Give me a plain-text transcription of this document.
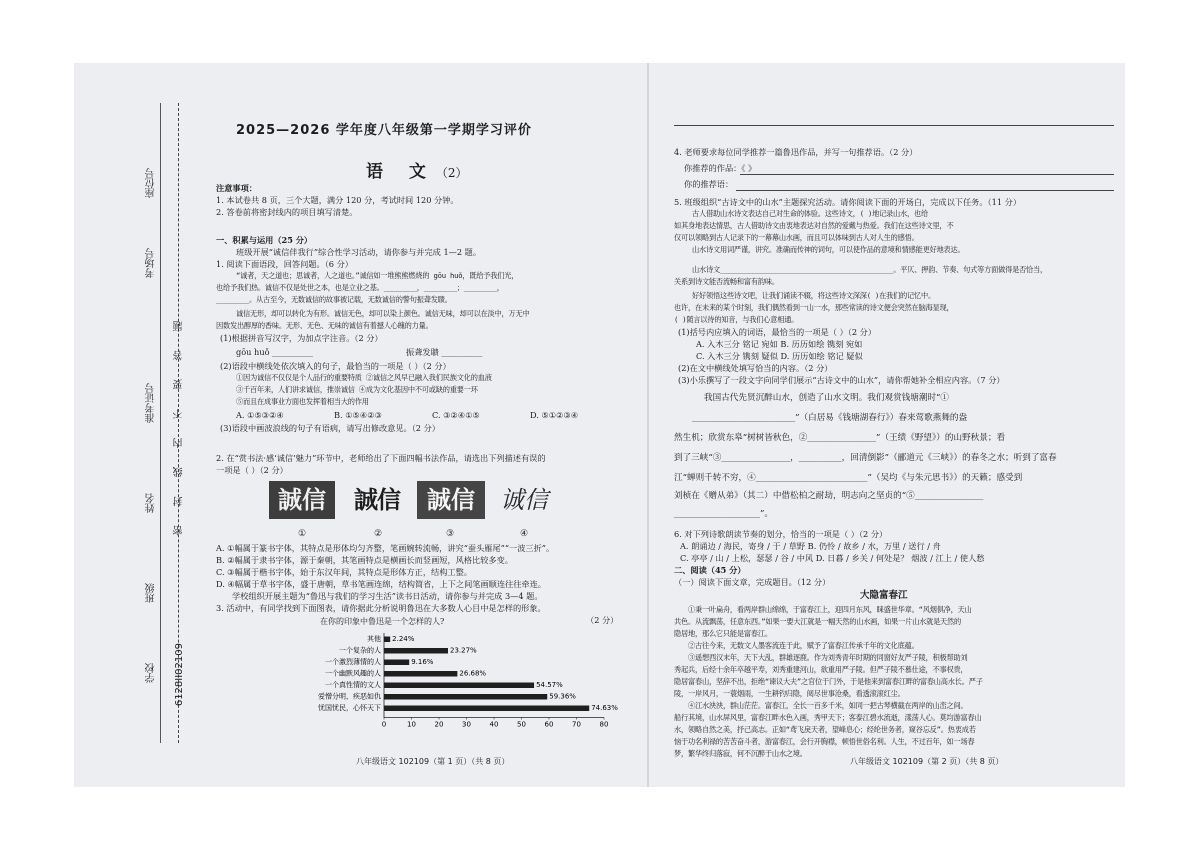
座位号
考场号
准考证号
姓名
班级
学校
密 封 线 内 不 要 答 题
6128II02109
2025—2026 学年度八年级第一学期学习评价
语 文（2）
注意事项：
1. 本试卷共 8 页，三个大题，满分 120 分，考试时间 120 分钟。
2. 答卷前将密封线内的项目填写清楚。
一、积累与运用（25 分）
班级开展“诚信伴我行”综合性学习活动，请你参与并完成 1—2 题。
1. 阅读下面语段，回答问题。（6 分）
“诚者，天之道也；思诚者，人之道也。”诚信如一堆熊熊燃烧的 gōu huǒ，既给予我们光，
也给予我们热。诚信不仅是处世之本，也是立业之基。________，________；________，
________。从古至今，无数诚信的故事被记载，无数诚信的警句振聋发聩。
诚信无形，却可以转化为有形。诚信无色，却可以染上颜色。诚信无味，却可以在淡中，万无中
因数发出醇厚的香味。无形、无色、无味的诚信有着撼人心魄的力量。
(1)根据拼音写汉字，为加点字注音。（2 分）
gōu huǒ __________	振聋发聩 __________
(2)语段中横线处依次填入的句子，最恰当的一项是（ ）（2 分）
①因为诚信不仅仅是个人品行的重要特质 ②诚信之风早已融入我们民族文化的血液
③千百年来，人们讲求诚信，推崇诚信 ④成为文化基因中不可或缺的重要一环
⑤而且在成事业方面也发挥着相当大的作用
A. ①⑤③②④	B. ①⑤④②③	C. ③②④①⑤	D. ⑤①②③④
(3)语段中画波浪线的句子有语病，请写出修改意见。（2 分）
2. 在“赏书法·感‘诚信’魅力”环节中，老师给出了下面四幅书法作品，请选出下列描述有误的
一项是（ ）（2 分）
誠信	誠信	誠信	诚信
①	②	③	④
A. ①幅属于篆书字体，其特点是形体均匀齐整，笔画婉转流畅，讲究“蚕头雁尾”“一波三折”。
B. ②幅属于隶书字体，源于秦朝，其笔画特点是横画长而竖画短，风格比较多变。
C. ③幅属于楷书字体，始于东汉年间，其特点是形体方正，结构工整。
D. ④幅属于草书字体，盛于唐朝，草书笔画连绵，结构简省，上下之间笔画顺连往往牵连。
学校组织开展主题为“鲁迅与我们的学习生活”读书日活动，请你参与并完成 3—4 题。
3. 活动中，有同学找到下面图表，请你据此分析说明鲁迅在大多数人心目中是怎样的形象。
（2 分）
在你的印象中鲁迅是一个怎样的人?
其他 2.24%
一个复杂的人	23.27%
一个激烈薄情的人	9.16%
一个幽默风趣的人	26.68%
一个真性情的文人	54.57%
爱憎分明，疾恶如仇	59.36%
忧国忧民，心怀天下	74.63%
0	10	20	30	40	50	60	70	80
八年级语文 102109（第 1 页）（共 8 页）
4. 老师要求每位同学推荐一篇鲁迅作品，并写一句推荐语。（2 分）
你推荐的作品：《 》
你的推荐语：
5. 班级组织“古诗文中的山水”主题探究活动。请你阅读下面的开场白，完成以下任务。（11 分）
古人借助山水诗文表达自己对生命的体验。这些诗文，( )地记录山水，也给
如其身地表达情思，古人借助诗文由衷地表达对自然的爱戴与热爱。我们在这些诗文里，不
仅可以领略到古人记录下的一幕幕山水画，而且可以体味到古人对人生的感悟。
山水诗文用词严谨，讲究。准确而传神的词句，可以使作品的意境和情感能更好地表达。
山水诗文__________________________________________。平仄、押韵、节奏、句式等方面做得是否恰当，
关系到诗文能否流畅和富有韵味。
好好领悟这些诗文吧，让我们诵读不辍，将这些诗文深深( )在我们的记忆中。
也许，在未来的某个时刻，我们偶然看到一山一水，那些常读的诗文便会突然在脑海显现，
( )随言以待的知音，与我们心意相通。
(1)括号内应填入的词语，最恰当的一项是（ ）（2 分）
A. 入木三分 铭记 宛如 B. 历历如绘 镌刻 宛如
C. 入木三分 镌刻 疑似 D. 历历如绘 铭记 疑似
(2)在文中横线处填写恰当的内容。（2 分）
(3)小乐撰写了一段文字向同学们展示“古诗文中的山水”，请你帮她补全相应内容。（7 分）
我国古代先贤沉醉山水，创造了山水文明。我们观赏钱塘潮时“①
________________________”（白居易《钱塘湖春行》）春来莺歌燕舞的盎
然生机；欣赏东皋“树树皆秋色，②________________”（王绩《野望》）的山野秋景；看
到了三峡“③________________，__________，回清倒影”（郦道元《三峡》）的春冬之水；听到了富春
江“蝉则千转不穷，④__________________________”（吴均《与朱元思书》）的天籁；感受到
刘桢在《赠从弟》（其二）中借松柏之耐劫，明志向之坚贞的“⑤________________
____________________”。
6. 对下列诗歌朗读节奏的划分，恰当的一项是（ ）（2 分）
A. 朗诵边 / 海民，寄身 / 于 / 草野 B. 仍怜 / 故乡 / 水，万里 / 送行 / 舟
C. 亭亭 / 山 / 上松，瑟瑟 / 谷 / 中风 D. 日暮 / 乡关 / 何处是？ 烟波 / 江上 / 使人愁
二、阅读（45 分）
（一）阅读下面文章，完成题目。（12 分）
大隐富春江
①秉一叶扁舟，看两岸群山绵绵，于富春江上，迎四月东风，睐盛世华章。“风烟俱净，天山
共色。从流飘荡，任意东西。”如果一要大江就是一幅天然的山水画，如果一片山水就是天然的
隐居地，那么它只能是富春江。
②古往今来，无数文人墨客流连于此，赋予了富春江传承千年的文化底蕴。
③遥想西汉末年，天下大乱，群雄逐鹿。作为刘秀青年时期的同窗好友严子陵，积极帮助刘
秀起兵，后经十余年卒越平寿，刘秀重建河山，欲重用严子陵。但严子陵不慕仕途，不事权贵，
隐居富春山，坚辞不出，拒绝“谏议大夫”之官位于门外，于是他来到富春江畔的富春山高水长。严子
陵，一岸风月，一蓑烟雨，一生耕钓归隐，阅尽世事沧桑，看透滚滚红尘。
④江水泱泱，群山茫茫。富春江，全长一百多千米，如同一把古琴横截在两岸的山峦之间。
船行其境，山水屏风里，富春江畔水色入画，秀甲天下；客泰江碧水流逝，漾荡人心。莫均游富春山
水，领略自然之美，抒己高志。正如“鸢飞戾天者，望峰息心；经纶世务者，窥谷忘反”。热衷成若
恼于功名利禄的苦苦奋斗者，游富春江，会行开胸襟，顿悟世俗名利。人生，不过百年，如一场春
梦，繁华终归落寂，何不沉醉于山水之境。
八年级语文 102109（第 2 页）（共 8 页）
